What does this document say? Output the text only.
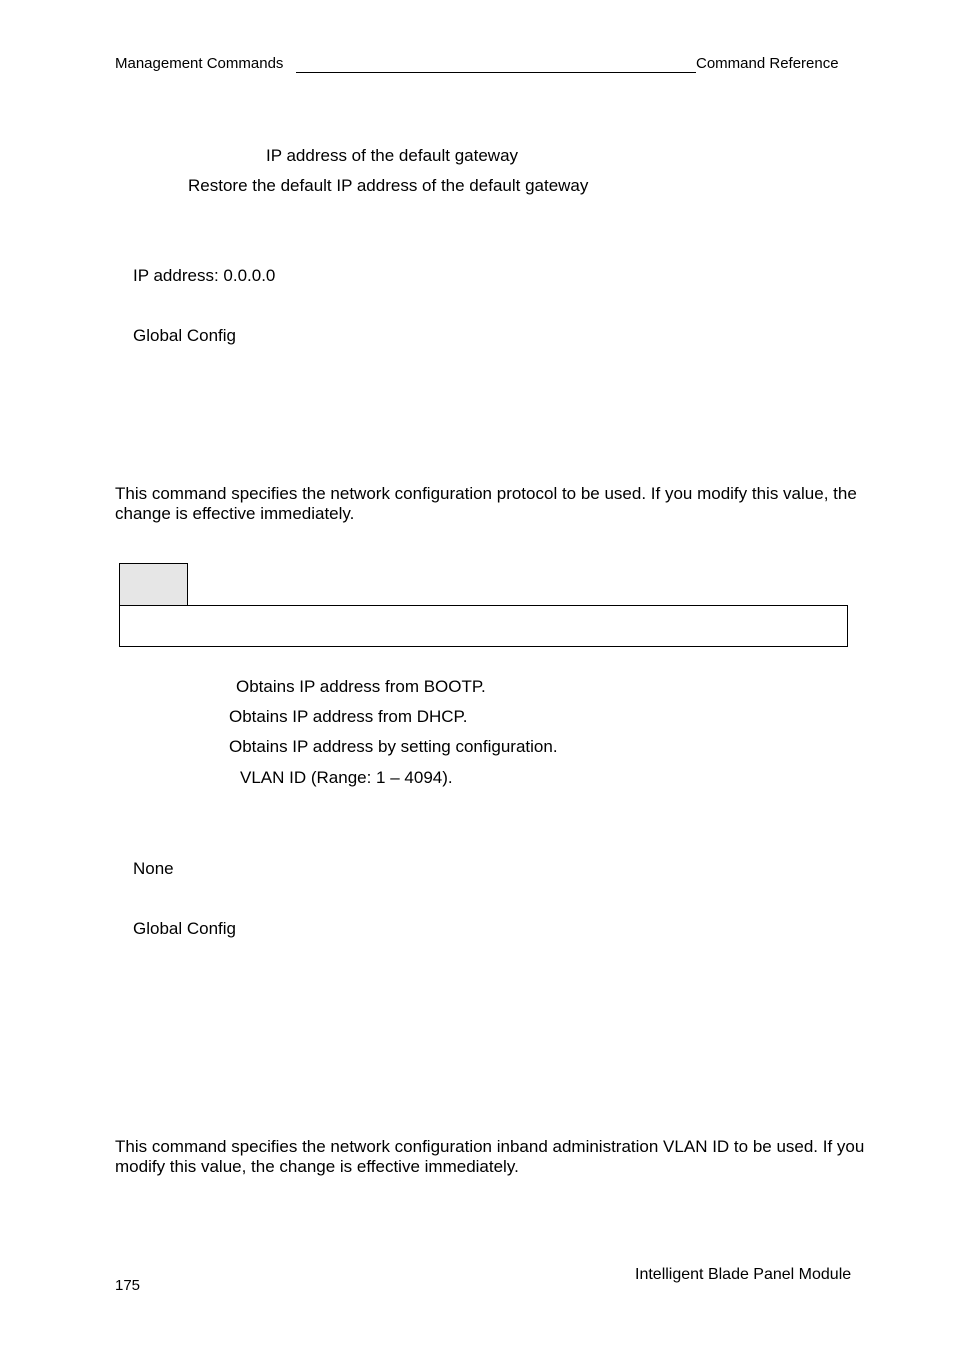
Management Commands	Command Reference
IP address of the default gateway
Restore the default IP address of the default gateway
IP address: 0.0.0.0
Global Config
This command specifies the network configuration protocol to be used. If you modify this value, the change is effective immediately.
Obtains IP address from BOOTP.
Obtains IP address from DHCP.
Obtains IP address by setting configuration.
VLAN ID (Range: 1 – 4094).
None
Global Config
This command specifies the network configuration inband administration VLAN ID to be used. If you modify this value, the change is effective immediately.
175
Intelligent Blade Panel Module
